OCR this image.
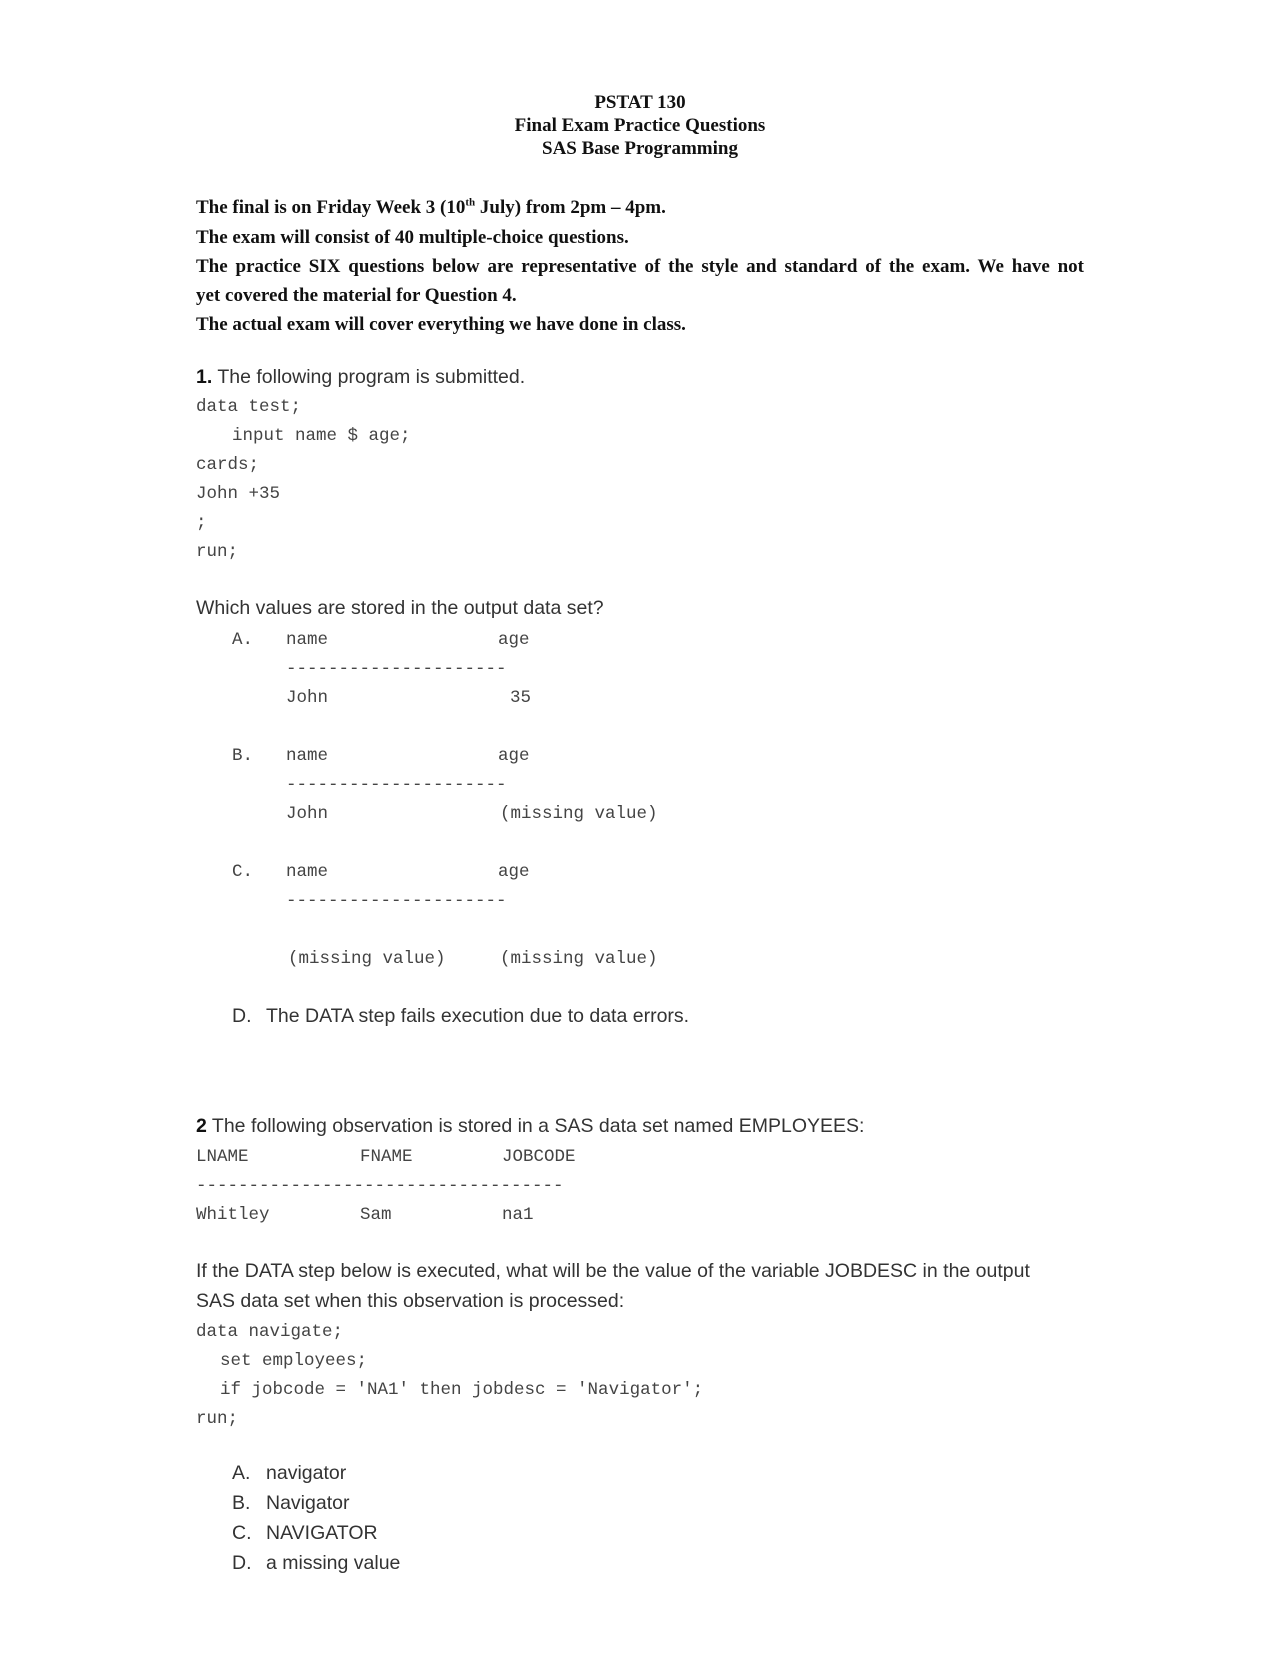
PSTAT 130
Final Exam Practice Questions
SAS Base Programming
The final is on Friday Week 3 (10th July) from 2pm – 4pm.
The exam will consist of 40 multiple-choice questions.
The practice SIX questions below are representative of the style and standard of the exam. We have not
yet covered the material for Question 4.
The actual exam will cover everything we have done in class.
1. The following program is submitted.
data test;
input name $ age;
cards;
John +35
;
run;
Which values are stored in the output data set?
A. name	age
---------------------
John	35
B. name	age
---------------------
John	(missing value)
C. name	age
---------------------
(missing value)	(missing value)
D. The DATA step fails execution due to data errors.
2 The following observation is stored in a SAS data set named EMPLOYEES:
LNAME	FNAME	JOBCODE
-----------------------------------
Whitley	Sam	na1
If the DATA step below is executed, what will be the value of the variable JOBDESC in the output
SAS data set when this observation is processed:
data navigate;
set employees;
if jobcode = 'NA1' then jobdesc = 'Navigator';
run;
A. navigator
B. Navigator
C. NAVIGATOR
D. a missing value
